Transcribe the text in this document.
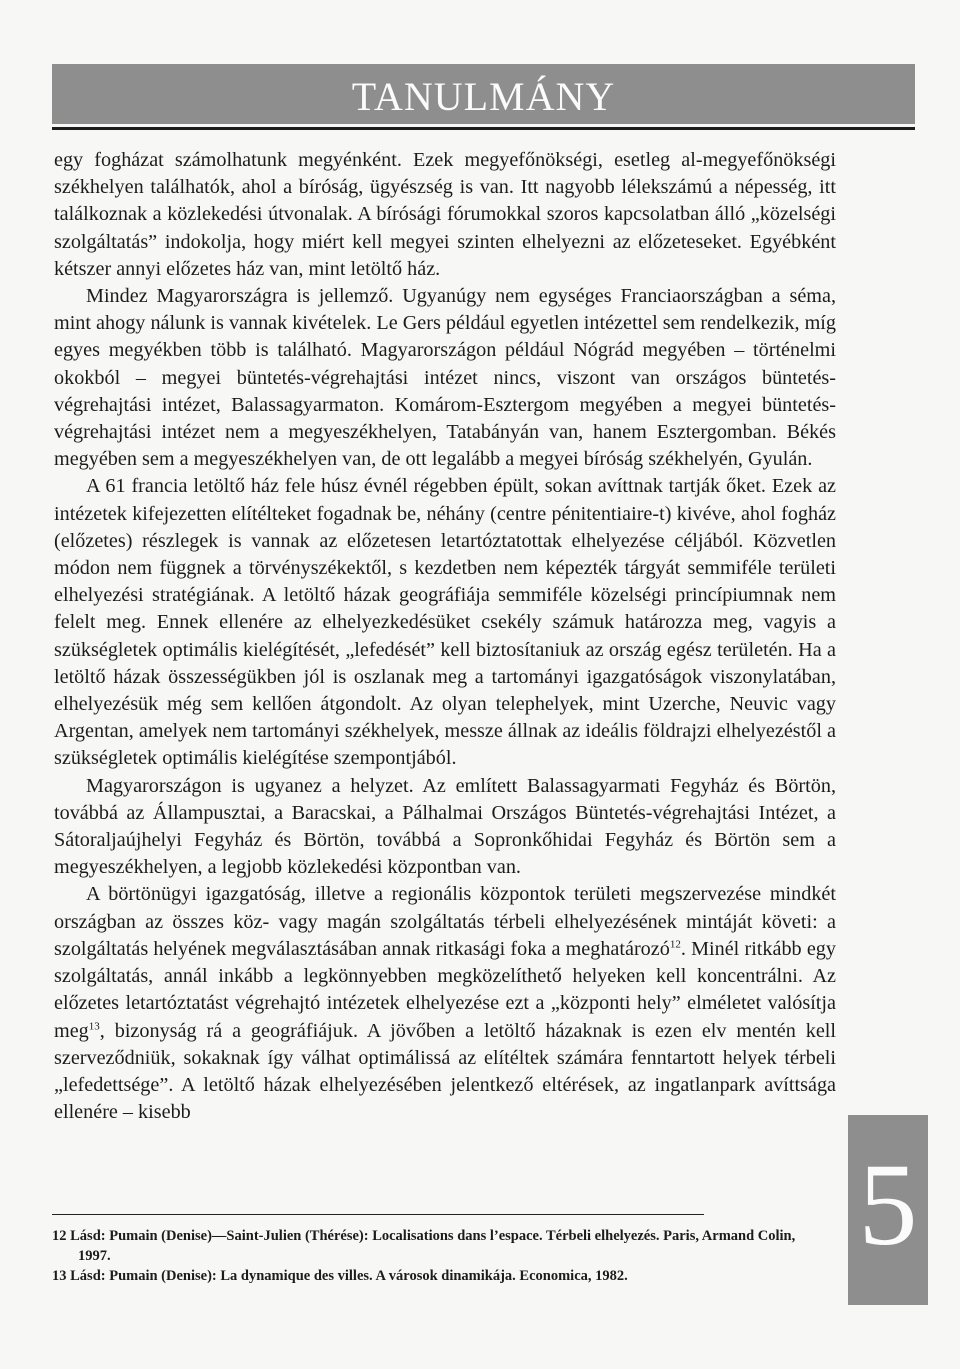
TANULMÁNY

egy fogházat számolhatunk megyénként. Ezek megyefőnökségi, esetleg al-megyefőnökségi székhelyen találhatók, ahol a bíróság, ügyészség is van. Itt nagyobb lélekszámú a népesség, itt találkoznak a közlekedési útvonalak. A bírósági fórumokkal szoros kapcsolatban álló „közelségi szolgáltatás” indokolja, hogy miért kell megyei szinten elhelyezni az előzeteseket. Egyébként kétszer annyi előzetes ház van, mint letöltő ház.

Mindez Magyarországra is jellemző. Ugyanúgy nem egységes Franciaországban a séma, mint ahogy nálunk is vannak kivételek. Le Gers például egyetlen intézettel sem rendelkezik, míg egyes megyékben több is található. Magyarországon például Nógrád megyében – történelmi okokból – megyei büntetés-végrehajtási intézet nincs, viszont van országos büntetés-végrehajtási intézet, Balassagyarmaton. Komárom-Esztergom megyében a megyei büntetés-végrehajtási intézet nem a megyeszékhelyen, Tatabányán van, hanem Esztergomban. Békés megyében sem a megyeszékhelyen van, de ott legalább a megyei bíróság székhelyén, Gyulán.

A 61 francia letöltő ház fele húsz évnél régebben épült, sokan avíttnak tartják őket. Ezek az intézetek kifejezetten elítélteket fogadnak be, néhány (centre pénitentiaire-t) kivéve, ahol fogház (előzetes) részlegek is vannak az előzetesen letartóztatottak elhelyezése céljából. Közvetlen módon nem függnek a törvényszékektől, s kezdetben nem képezték tárgyát semmiféle területi elhelyezési stratégiának. A letöltő házak geográfiája semmiféle közelségi princípiumnak nem felelt meg. Ennek ellenére az elhelyezkedésüket csekély számuk határozza meg, vagyis a szükségletek optimális kielégítését, „lefedését” kell biztosítaniuk az ország egész területén. Ha a letöltő házak összességükben jól is oszlanak meg a tartományi igazgatóságok viszonylatában, elhelyezésük még sem kellően átgondolt. Az olyan telephelyek, mint Uzerche, Neuvic vagy Argentan, amelyek nem tartományi székhelyek, messze állnak az ideális földrajzi elhelyezéstől a szükségletek optimális kielégítése szempontjából.

Magyarországon is ugyanez a helyzet. Az említett Balassagyarmati Fegyház és Börtön, továbbá az Állampusztai, a Baracskai, a Pálhalmai Országos Büntetés-végrehajtási Intézet, a Sátoraljaújhelyi Fegyház és Börtön, továbbá a Sopronkőhidai Fegyház és Börtön sem a megyeszékhelyen, a legjobb közlekedési központban van.

A börtönügyi igazgatóság, illetve a regionális központok területi megszervezése mindkét országban az összes köz- vagy magán szolgáltatás térbeli elhelyezésének mintáját követi: a szolgáltatás helyének megválasztásában annak ritkasági foka a meghatározó$^{12}$. Minél ritkább egy szolgáltatás, annál inkább a legkönnyebben megközelíthető helyeken kell koncentrálni. Az előzetes letartóztatást végrehajtó intézetek elhelyezése ezt a „központi hely” elméletet valósítja meg$^{13}$, bizonyság rá a geográfiájuk. A jövőben a letöltő házaknak is ezen elv mentén kell szerveződniük, sokaknak így válhat optimálissá az elítéltek számára fenntartott helyek térbeli „lefedettsége”. A letöltő házak elhelyezésében jelentkező eltérések, az ingatlanpark avíttsága ellenére – kisebb

12 Lásd: Pumain (Denise)—Saint-Julien (Thérése): Localisations dans l’espace. Térbeli elhelyezés. Paris, Armand Colin, 1997.

13 Lásd: Pumain (Denise): La dynamique des villes. A városok dinamikája. Economica, 1982.

5
